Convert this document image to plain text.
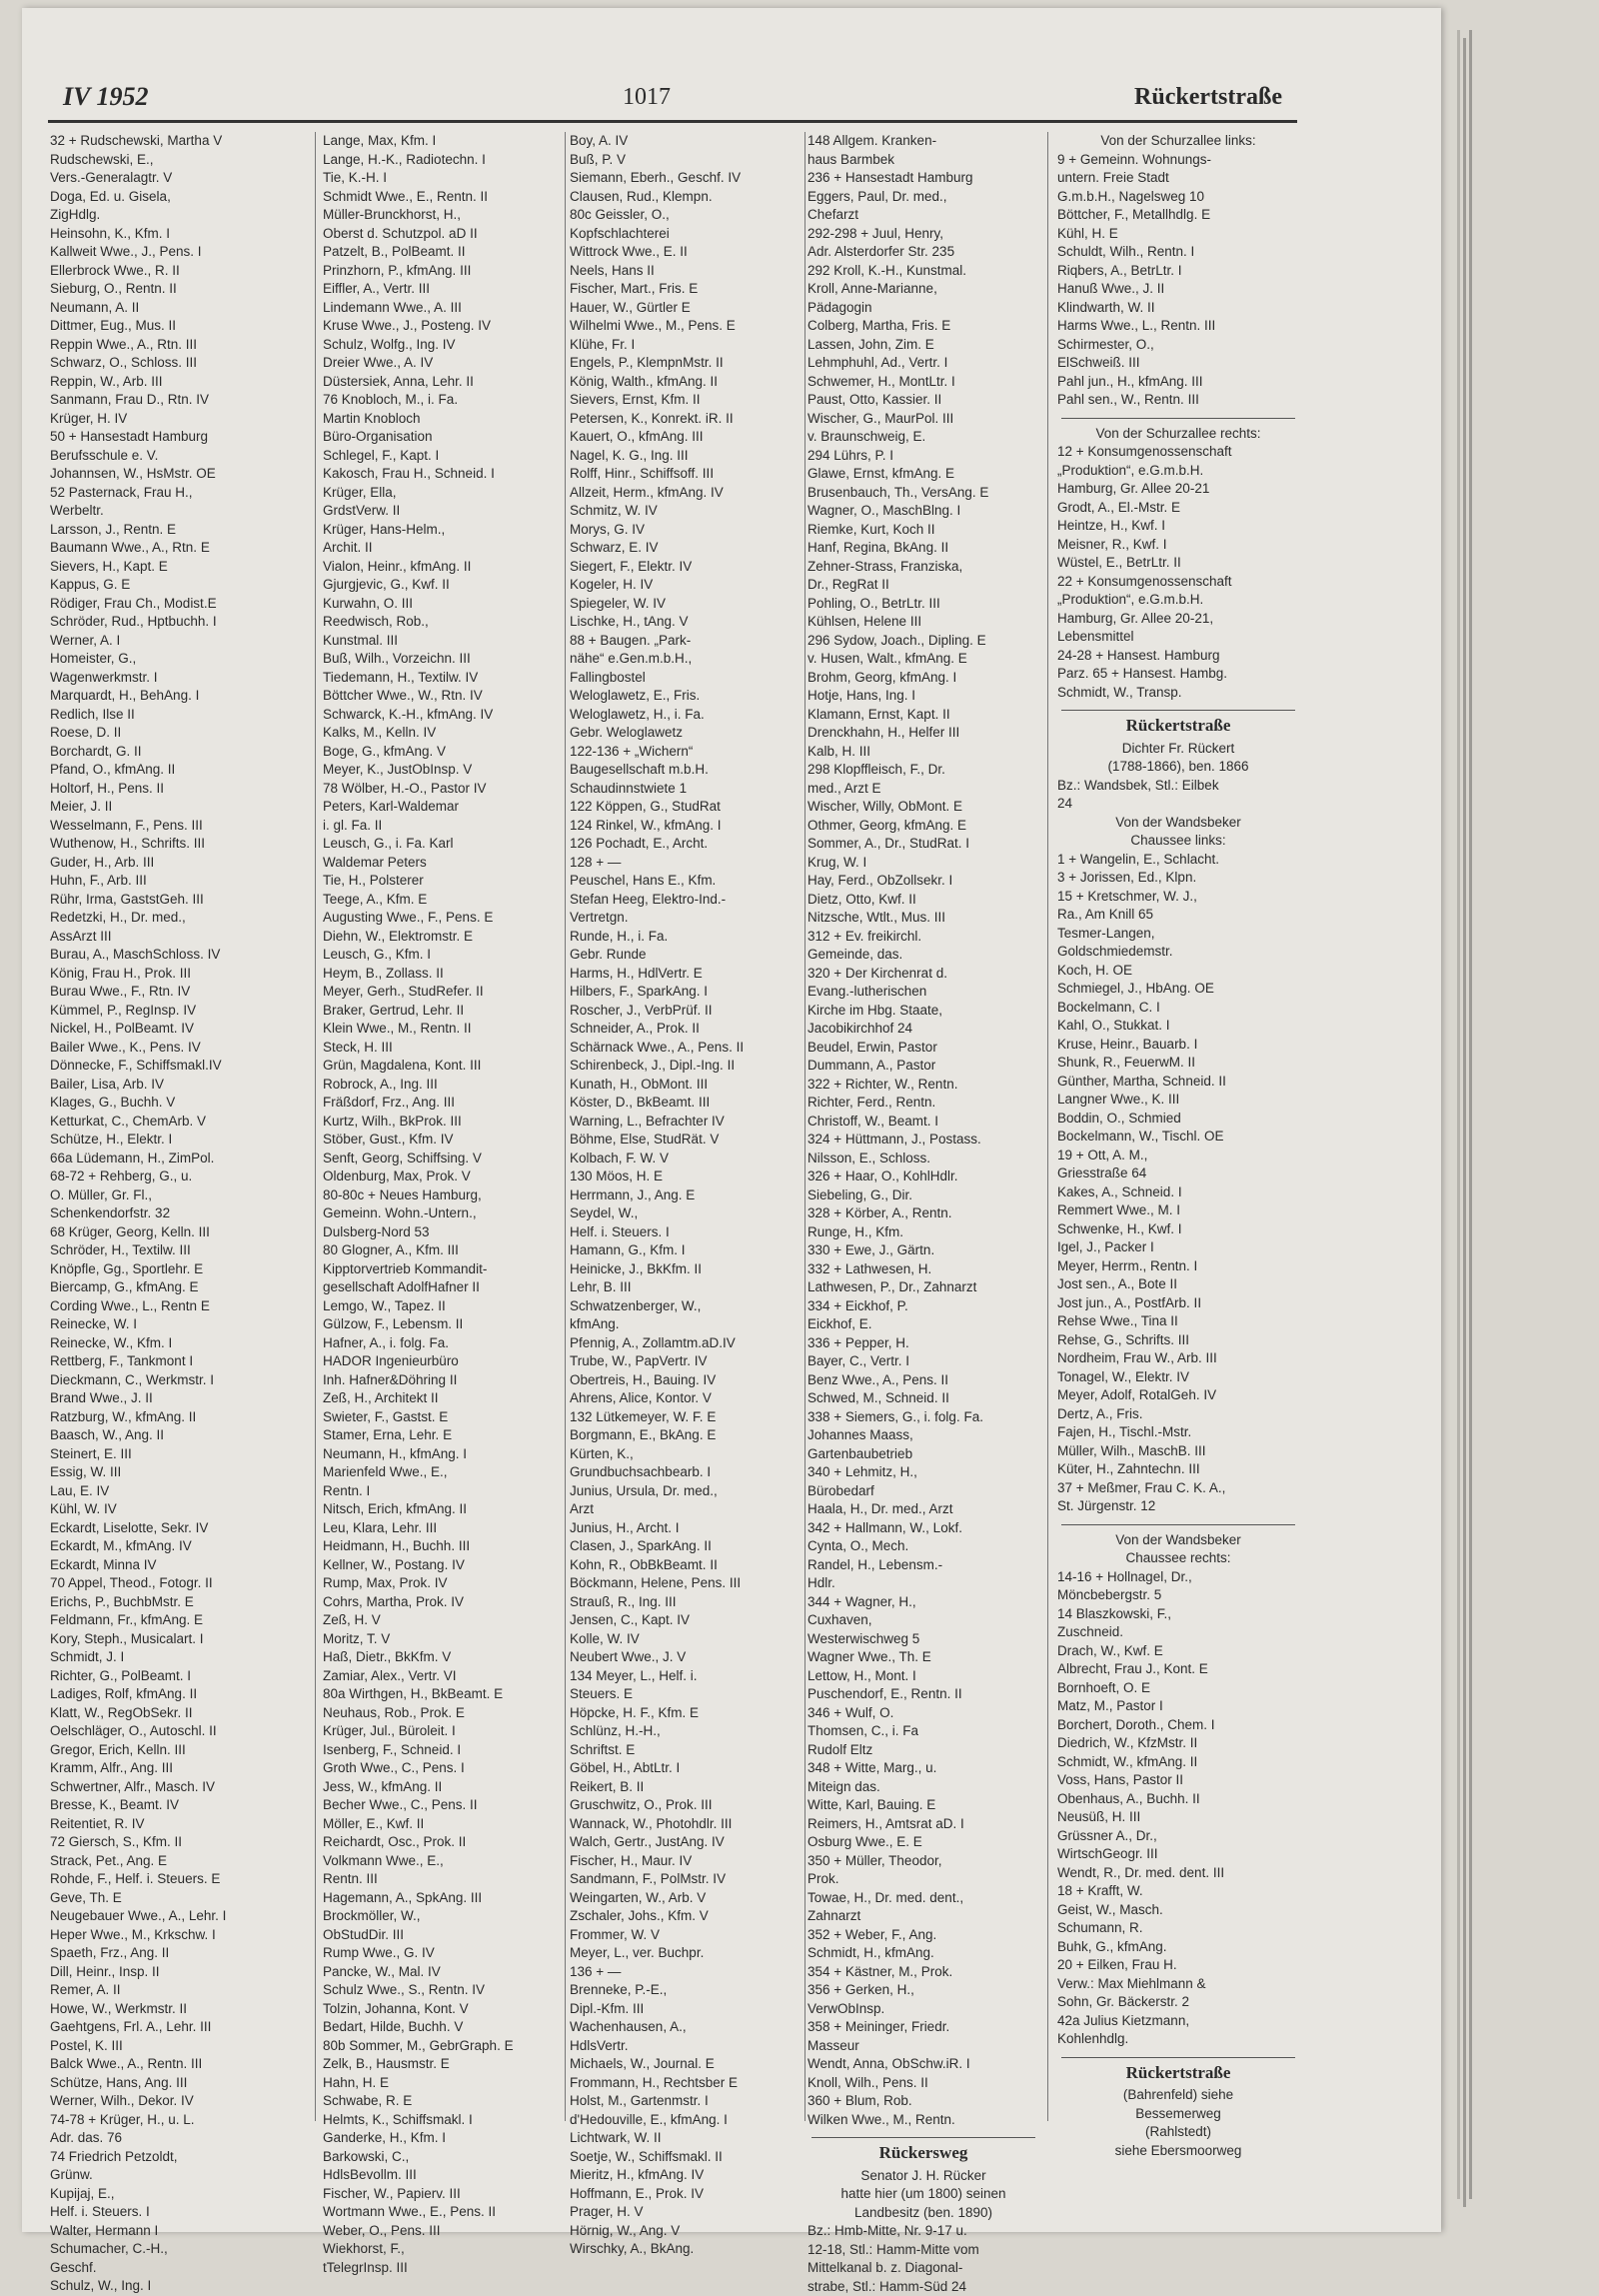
IV 1952	1017	Rückertstraße
32 + Rudschewski, Martha V
Rudschewski, E.,
Vers.-Generalagtr. V
Doga, Ed. u. Gisela,
ZigHdlg.
Heinsohn, K., Kfm. I
Kallweit Wwe., J., Pens. I
Ellerbrock Wwe., R. II
Sieburg, O., Rentn. II
Neumann, A. II
Dittmer, Eug., Mus. II
Reppin Wwe., A., Rtn. III
Schwarz, O., Schloss. III
Reppin, W., Arb. III
Sanmann, Frau D., Rtn. IV
Krüger, H. IV
50 + Hansestadt Hamburg
Berufsschule e. V.
Johannsen, W., HsMstr. OE
52 Pasternack, Frau H.,
Werbeltr.
Larsson, J., Rentn. E
Baumann Wwe., A., Rtn. E
Sievers, H., Kapt. E
Kappus, G. E
Rödiger, Frau Ch., Modist.E
Schröder, Rud., Hptbuchh. I
Werner, A. I
Homeister, G.,
Wagenwerkmstr. I
Marquardt, H., BehAng. I
Redlich, Ilse II
Roese, D. II
Borchardt, G. II
Pfand, O., kfmAng. II
Holtorf, H., Pens. II
Meier, J. II
Wesselmann, F., Pens. III
Wuthenow, H., Schrifts. III
Guder, H., Arb. III
Huhn, F., Arb. III
Rühr, Irma, GaststGeh. III
Redetzki, H., Dr. med.,
AssArzt III
Burau, A., MaschSchloss. IV
König, Frau H., Prok. III
Burau Wwe., F., Rtn. IV
Kümmel, P., RegInsp. IV
Nickel, H., PolBeamt. IV
Bailer Wwe., K., Pens. IV
Dönnecke, F., Schiffsmakl.IV
Bailer, Lisa, Arb. IV
Klages, G., Buchh. V
Ketturkat, C., ChemArb. V
Schütze, H., Elektr. I
66a Lüdemann, H., ZimPol.
68-72 + Rehberg, G., u.
O. Müller, Gr. Fl.,
Schenkendorfstr. 32
68 Krüger, Georg, Kelln. III
Schröder, H., Textilw. III
Knöpfle, Gg., Sportlehr. E
Biercamp, G., kfmAng. E
Cording Wwe., L., Rentn E
Reinecke, W. I
Reinecke, W., Kfm. I
Rettberg, F., Tankmont I
Dieckmann, C., Werkmstr. I
Brand Wwe., J. II
Ratzburg, W., kfmAng. II
Baasch, W., Ang. II
Steinert, E. III
Essig, W. III
Lau, E. IV
Kühl, W. IV
Eckardt, Liselotte, Sekr. IV
Eckardt, M., kfmAng. IV
Eckardt, Minna IV
70 Appel, Theod., Fotogr. II
Erichs, P., BuchbMstr. E
Feldmann, Fr., kfmAng. E
Kory, Steph., Musicalart. I
Schmidt, J. I
Richter, G., PolBeamt. I
Ladiges, Rolf, kfmAng. II
Klatt, W., RegObSekr. II
Oelschläger, O., Autoschl. II
Gregor, Erich, Kelln. III
Kramm, Alfr., Ang. III
Schwertner, Alfr., Masch. IV
Bresse, K., Beamt. IV
Reitentiet, R. IV
72 Giersch, S., Kfm. II
Strack, Pet., Ang. E
Rohde, F., Helf. i. Steuers. E
Geve, Th. E
Neugebauer Wwe., A., Lehr. I
Heper Wwe., M., Krkschw. I
Spaeth, Frz., Ang. II
Dill, Heinr., Insp. II
Remer, A. II
Howe, W., Werkmstr. II
Gaehtgens, Frl. A., Lehr. III
Postel, K. III
Balck Wwe., A., Rentn. III
Schütze, Hans, Ang. III
Werner, Wilh., Dekor. IV
74-78 + Krüger, H., u. L.
Adr. das. 76
74 Friedrich Petzoldt,
Grünw.
Kupijaj, E.,
Helf. i. Steuers. I
Walter, Hermann I
Schumacher, C.-H.,
Geschf.
Schulz, W., Ing. I
Lange, Max, Kfm. I
Lange, H.-K., Radiotechn. I
Tie, K.-H. I
Schmidt Wwe., E., Rentn. II
Müller-Brunckhorst, H.,
Oberst d. Schutzpol. aD II
Patzelt, B., PolBeamt. II
Prinzhorn, P., kfmAng. III
Eiffler, A., Vertr. III
Lindemann Wwe., A. III
Kruse Wwe., J., Posteng. IV
Schulz, Wolfg., Ing. IV
Dreier Wwe., A. IV
Düstersiek, Anna, Lehr. II
76 Knobloch, M., i. Fa.
Martin Knobloch
Büro-Organisation
Schlegel, F., Kapt. I
Kakosch, Frau H., Schneid. I
Krüger, Ella,
GrdstVerw. II
Krüger, Hans-Helm.,
Archit. II
Vialon, Heinr., kfmAng. II
Gjurgjevic, G., Kwf. II
Kurwahn, O. III
Reedwisch, Rob.,
Kunstmal. III
Buß, Wilh., Vorzeichn. III
Tiedemann, H., Textilw. IV
Böttcher Wwe., W., Rtn. IV
Schwarck, K.-H., kfmAng. IV
Kalks, M., Kelln. IV
Boge, G., kfmAng. V
Meyer, K., JustObInsp. V
78 Wölber, H.-O., Pastor IV
Peters, Karl-Waldemar
i. gl. Fa. II
Leusch, G., i. Fa. Karl
Waldemar Peters
Tie, H., Polsterer
Teege, A., Kfm. E
Augusting Wwe., F., Pens. E
Diehn, W., Elektromstr. E
Leusch, G., Kfm. I
Heym, B., Zollass. II
Meyer, Gerh., StudRefer. II
Braker, Gertrud, Lehr. II
Klein Wwe., M., Rentn. II
Steck, H. III
Grün, Magdalena, Kont. III
Robrock, A., Ing. III
Fräßdorf, Frz., Ang. III
Kurtz, Wilh., BkProk. III
Stöber, Gust., Kfm. IV
Senft, Georg, Schiffsing. V
Oldenburg, Max, Prok. V
80-80c + Neues Hamburg,
Gemeinn. Wohn.-Untern.,
Dulsberg-Nord 53
80 Glogner, A., Kfm. III
Kipptorvertrieb Kommandit-
gesellschaft AdolfHafner II
Lemgo, W., Tapez. II
Gülzow, F., Lebensm. II
Hafner, A., i. folg. Fa.
HADOR Ingenieurbüro
Inh. Hafner&Döhring II
Zeß, H., Architekt II
Swieter, F., Gastst. E
Stamer, Erna, Lehr. E
Neumann, H., kfmAng. I
Marienfeld Wwe., E.,
Rentn. I
Nitsch, Erich, kfmAng. II
Leu, Klara, Lehr. III
Heidmann, H., Buchh. III
Kellner, W., Postang. IV
Rump, Max, Prok. IV
Cohrs, Martha, Prok. IV
Zeß, H. V
Moritz, T. V
Haß, Dietr., BkKfm. V
Zamiar, Alex., Vertr. VI
80a Wirthgen, H., BkBeamt. E
Neuhaus, Rob., Prok. E
Krüger, Jul., Büroleit. I
Isenberg, F., Schneid. I
Groth Wwe., C., Pens. I
Jess, W., kfmAng. II
Becher Wwe., C., Pens. II
Möller, E., Kwf. II
Reichardt, Osc., Prok. II
Volkmann Wwe., E.,
Rentn. III
Hagemann, A., SpkAng. III
Brockmöller, W.,
ObStudDir. III
Rump Wwe., G. IV
Pancke, W., Mal. IV
Schulz Wwe., S., Rentn. IV
Tolzin, Johanna, Kont. V
Bedart, Hilde, Buchh. V
80b Sommer, M., GebrGraph. E
Zelk, B., Hausmstr. E
Hahn, H. E
Schwabe, R. E
Helmts, K., Schiffsmakl. I
Ganderke, H., Kfm. I
Barkowski, C.,
HdlsBevollm. III
Fischer, W., Papierv. III
Wortmann Wwe., E., Pens. II
Weber, O., Pens. III
Wiekhorst, F.,
tTelegrInsp. III
Boy, A. IV
Buß, P. V
Siemann, Eberh., Geschf. IV
Clausen, Rud., Klempn.
80c Geissler, O.,
Kopfschlachterei
Wittrock Wwe., E. II
Neels, Hans II
Fischer, Mart., Fris. E
Hauer, W., Gürtler E
Wilhelmi Wwe., M., Pens. E
Klühe, Fr. I
Engels, P., KlempnMstr. II
König, Walth., kfmAng. II
Sievers, Ernst, Kfm. II
Petersen, K., Konrekt. iR. II
Kauert, O., kfmAng. III
Nagel, K. G., Ing. III
Rolff, Hinr., Schiffsoff. III
Allzeit, Herm., kfmAng. IV
Schmitz, W. IV
Morys, G. IV
Schwarz, E. IV
Siegert, F., Elektr. IV
Kogeler, H. IV
Spiegeler, W. IV
Lischke, H., tAng. V
88 + Baugen. „Park-
nähe“ e.Gen.m.b.H.,
Fallingbostel
Weloglawetz, E., Fris.
Weloglawetz, H., i. Fa.
Gebr. Weloglawetz
122-136 + „Wichern“
Baugesellschaft m.b.H.
Schaudinnstwiete 1
122 Köppen, G., StudRat
124 Rinkel, W., kfmAng. I
126 Pochadt, E., Archt.
128 + —
Peuschel, Hans E., Kfm.
Stefan Heeg, Elektro-Ind.-
Vertretgn.
Runde, H., i. Fa.
Gebr. Runde
Harms, H., HdlVertr. E
Hilbers, F., SparkAng. I
Roscher, J., VerbPrüf. II
Schneider, A., Prok. II
Schärnack Wwe., A., Pens. II
Schirenbeck, J., Dipl.-Ing. II
Kunath, H., ObMont. III
Köster, D., BkBeamt. III
Warning, L., Befrachter IV
Böhme, Else, StudRät. V
Kolbach, F. W. V
130 Möos, H. E
Herrmann, J., Ang. E
Seydel, W.,
Helf. i. Steuers. I
Hamann, G., Kfm. I
Heinicke, J., BkKfm. II
Lehr, B. III
Schwatzenberger, W.,
kfmAng.
Pfennig, A., Zollamtm.aD.IV
Trube, W., PapVertr. IV
Obertreis, H., Bauing. IV
Ahrens, Alice, Kontor. V
132 Lütkemeyer, W. F. E
Borgmann, E., BkAng. E
Kürten, K.,
Grundbuchsachbearb. I
Junius, Ursula, Dr. med.,
Arzt
Junius, H., Archt. I
Clasen, J., SparkAng. II
Kohn, R., ObBkBeamt. II
Böckmann, Helene, Pens. III
Strauß, R., Ing. III
Jensen, C., Kapt. IV
Kolle, W. IV
Neubert Wwe., J. V
134 Meyer, L., Helf. i.
Steuers. E
Höpcke, H. F., Kfm. E
Schlünz, H.-H.,
Schriftst. E
Göbel, H., AbtLtr. I
Reikert, B. II
Gruschwitz, O., Prok. III
Wannack, W., Photohdlr. III
Walch, Gertr., JustAng. IV
Fischer, H., Maur. IV
Sandmann, F., PolMstr. IV
Weingarten, W., Arb. V
Zschaler, Johs., Kfm. V
Frommer, W. V
Meyer, L., ver. Buchpr.
136 + —
Brenneke, P.-E.,
Dipl.-Kfm. III
Wachenhausen, A.,
HdlsVertr.
Michaels, W., Journal. E
Frommann, H., Rechtsber E
Holst, M., Gartenmstr. I
d'Hedouville, E., kfmAng. I
Lichtwark, W. II
Soetje, W., Schiffsmakl. II
Mieritz, H., kfmAng. IV
Hoffmann, E., Prok. IV
Prager, H. V
Hörnig, W., Ang. V
Wirschky, A., BkAng.
148 Allgem. Kranken-
haus Barmbek
236 + Hansestadt Hamburg
Eggers, Paul, Dr. med.,
Chefarzt
292-298 + Juul, Henry,
Adr. Alsterdorfer Str. 235
292 Kroll, K.-H., Kunstmal.
Kroll, Anne-Marianne,
Pädagogin
Colberg, Martha, Fris. E
Lassen, John, Zim. E
Lehmphuhl, Ad., Vertr. I
Schwemer, H., MontLtr. I
Paust, Otto, Kassier. II
Wischer, G., MaurPol. III
v. Braunschweig, E.
294 Lührs, P. I
Glawe, Ernst, kfmAng. E
Brusenbauch, Th., VersAng. E
Wagner, O., MaschBlng. I
Riemke, Kurt, Koch II
Hanf, Regina, BkAng. II
Zehner-Strass, Franziska,
Dr., RegRat II
Pohling, O., BetrLtr. III
Kühlsen, Helene III
296 Sydow, Joach., Dipling. E
v. Husen, Walt., kfmAng. E
Brohm, Georg, kfmAng. I
Hotje, Hans, Ing. I
Klamann, Ernst, Kapt. II
Drenckhahn, H., Helfer III
Kalb, H. III
298 Klopffleisch, F., Dr.
med., Arzt E
Wischer, Willy, ObMont. E
Othmer, Georg, kfmAng. E
Sommer, A., Dr., StudRat. I
Krug, W. I
Hay, Ferd., ObZollsekr. I
Dietz, Otto, Kwf. II
Nitzsche, Wtlt., Mus. III
312 + Ev. freikirchl.
Gemeinde, das.
320 + Der Kirchenrat d.
Evang.-lutherischen
Kirche im Hbg. Staate,
Jacobikirchhof 24
Beudel, Erwin, Pastor
Dummann, A., Pastor
322 + Richter, W., Rentn.
Richter, Ferd., Rentn.
Christoff, W., Beamt. I
324 + Hüttmann, J., Postass.
Nilsson, E., Schloss.
326 + Haar, O., KohlHdlr.
Siebeling, G., Dir.
328 + Körber, A., Rentn.
Runge, H., Kfm.
330 + Ewe, J., Gärtn.
332 + Lathwesen, H.
Lathwesen, P., Dr., Zahnarzt
334 + Eickhof, P.
Eickhof, E.
336 + Pepper, H.
Bayer, C., Vertr. I
Benz Wwe., A., Pens. II
Schwed, M., Schneid. II
338 + Siemers, G., i. folg. Fa.
Johannes Maass,
Gartenbaubetrieb
340 + Lehmitz, H.,
Bürobedarf
Haala, H., Dr. med., Arzt
342 + Hallmann, W., Lokf.
Cynta, O., Mech.
Randel, H., Lebensm.-
Hdlr.
344 + Wagner, H.,
Cuxhaven,
Westerwischweg 5
Wagner Wwe., Th. E
Lettow, H., Mont. I
Puschendorf, E., Rentn. II
346 + Wulf, O.
Thomsen, C., i. Fa
Rudolf Eltz
348 + Witte, Marg., u.
Miteign das.
Witte, Karl, Bauing. E
Reimers, H., Amtsrat aD. I
Osburg Wwe., E. E
350 + Müller, Theodor,
Prok.
Towae, H., Dr. med. dent.,
Zahnarzt
352 + Weber, F., Ang.
Schmidt, H., kfmAng.
354 + Kästner, M., Prok.
356 + Gerken, H.,
VerwObInsp.
358 + Meininger, Friedr.
Masseur
Wendt, Anna, ObSchw.iR. I
Knoll, Wilh., Pens. II
360 + Blum, Rob.
Wilken Wwe., M., Rentn.
Rückersweg
Senator J. H. Rücker
hatte hier (um 1800) seinen
Landbesitz (ben. 1890)
Bz.: Hmb-Mitte, Nr. 9-17 u.
12-18, Stl.: Hamm-Mitte vom
Mittelkanal b. z. Diagonal-
strabe, Stl.: Hamm-Süd 24
Von der Schurzallee links:
9 + Gemeinn. Wohnungs-
untern. Freie Stadt
G.m.b.H., Nagelsweg 10
Böttcher, F., Metallhdlg. E
Kühl, H. E
Schuldt, Wilh., Rentn. I
Riqbers, A., BetrLtr. I
Hanuß Wwe., J. II
Klindwarth, W. II
Harms Wwe., L., Rentn. III
Schirmester, O.,
ElSchweiß. III
Pahl jun., H., kfmAng. III
Pahl sen., W., Rentn. III
Von der Schurzallee rechts:
12 + Konsumgenossenschaft
„Produktion“, e.G.m.b.H.
Hamburg, Gr. Allee 20-21
Grodt, A., El.-Mstr. E
Heintze, H., Kwf. I
Meisner, R., Kwf. I
Wüstel, E., BetrLtr. II
22 + Konsumgenossenschaft
„Produktion“, e.G.m.b.H.
Hamburg, Gr. Allee 20-21,
Lebensmittel
24-28 + Hansest. Hamburg
Parz. 65 + Hansest. Hambg.
Schmidt, W., Transp.
Rückertstraße
Dichter Fr. Rückert
(1788-1866), ben. 1866
Bz.: Wandsbek, Stl.: Eilbek
24
Von der Wandsbeker
Chaussee links:
1 + Wangelin, E., Schlacht.
3 + Jorissen, Ed., Klpn.
15 + Kretschmer, W. J.,
Ra., Am Knill 65
Tesmer-Langen,
Goldschmiedemstr.
Koch, H. OE
Schmiegel, J., HbAng. OE
Bockelmann, C. I
Kahl, O., Stukkat. I
Kruse, Heinr., Bauarb. I
Shunk, R., FeuerwM. II
Günther, Martha, Schneid. II
Langner Wwe., K. III
Boddin, O., Schmied
Bockelmann, W., Tischl. OE
19 + Ott, A. M.,
Griesstraße 64
Kakes, A., Schneid. I
Remmert Wwe., M. I
Schwenke, H., Kwf. I
Igel, J., Packer I
Meyer, Herrm., Rentn. I
Jost sen., A., Bote II
Jost jun., A., PostfArb. II
Rehse Wwe., Tina II
Rehse, G., Schrifts. III
Nordheim, Frau W., Arb. III
Tonagel, W., Elektr. IV
Meyer, Adolf, RotalGeh. IV
Dertz, A., Fris.
Fajen, H., Tischl.-Mstr.
Müller, Wilh., MaschB. III
Küter, H., Zahntechn. III
37 + Meßmer, Frau C. K. A.,
St. Jürgenstr. 12
Von der Wandsbeker
Chaussee rechts:
14-16 + Hollnagel, Dr.,
Möncbebergstr. 5
14 Blaszkowski, F.,
Zuschneid.
Drach, W., Kwf. E
Albrecht, Frau J., Kont. E
Bornhoeft, O. E
Matz, M., Pastor I
Borchert, Doroth., Chem. I
Diedrich, W., KfzMstr. II
Schmidt, W., kfmAng. II
Voss, Hans, Pastor II
Obenhaus, A., Buchh. II
Neusüß, H. III
Grüssner A., Dr.,
WirtschGeogr. III
Wendt, R., Dr. med. dent. III
18 + Krafft, W.
Geist, W., Masch.
Schumann, R.
Buhk, G., kfmAng.
20 + Eilken, Frau H.
Verw.: Max Miehlmann &
Sohn, Gr. Bäckerstr. 2
42a Julius Kietzmann,
Kohlenhdlg.
Rückertstraße
(Bahrenfeld) siehe
Bessemerweg
(Rahlstedt)
siehe Ebersmoorweg
